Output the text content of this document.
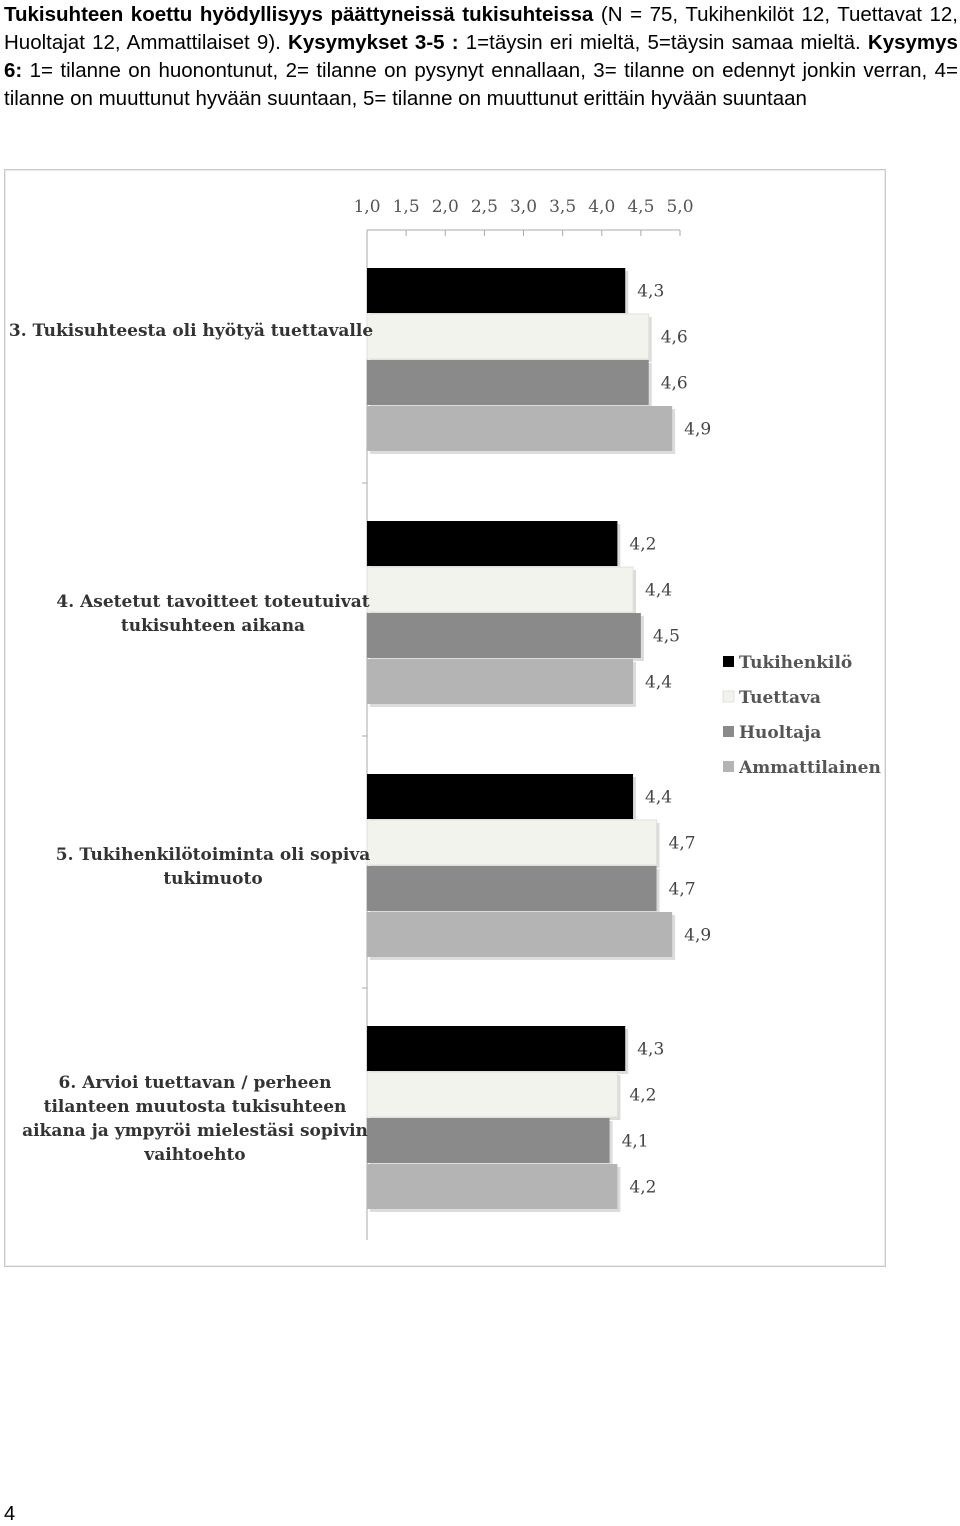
Tukisuhteen koettu hyödyllisyys päättyneissä tukisuhteissa (N = 75, Tukihenkilöt 12, Tuettavat 12, Huoltajat 12, Ammattilaiset 9). Kysymykset 3-5 : 1=täysin eri mieltä, 5=täysin samaa mieltä. Kysymys 6: 1= tilanne on huonontunut, 2= tilanne on pysynyt ennallaan, 3= tilanne on edennyt jonkin verran, 4= tilanne on muuttunut hyvään suuntaan, 5= tilanne on muuttunut erittäin hyvään suuntaan

1,0 1,5 2,0 2,5 3,0 3,5 4,0 4,5 5,0
4,3
4,2
4,4
4,3
4,6
4,4
4,7
4,2
4,6
4,5
4,7
4,1
4,9
4,4
4,9
4,2
3. Tukisuhteesta oli hyötyä tuettavalle
4. Asetetut tavoitteet toteutuivat tukisuhteen aikana
5. Tukihenkilötoiminta oli sopiva tukimuoto
6. Arvioi tuettavan / perheen tilanteen muutosta tukisuhteen aikana ja ympyröi mielestäsi sopivin vaihtoehto
Tukihenkilö
Tuettava
Huoltaja
Ammattilainen
4
